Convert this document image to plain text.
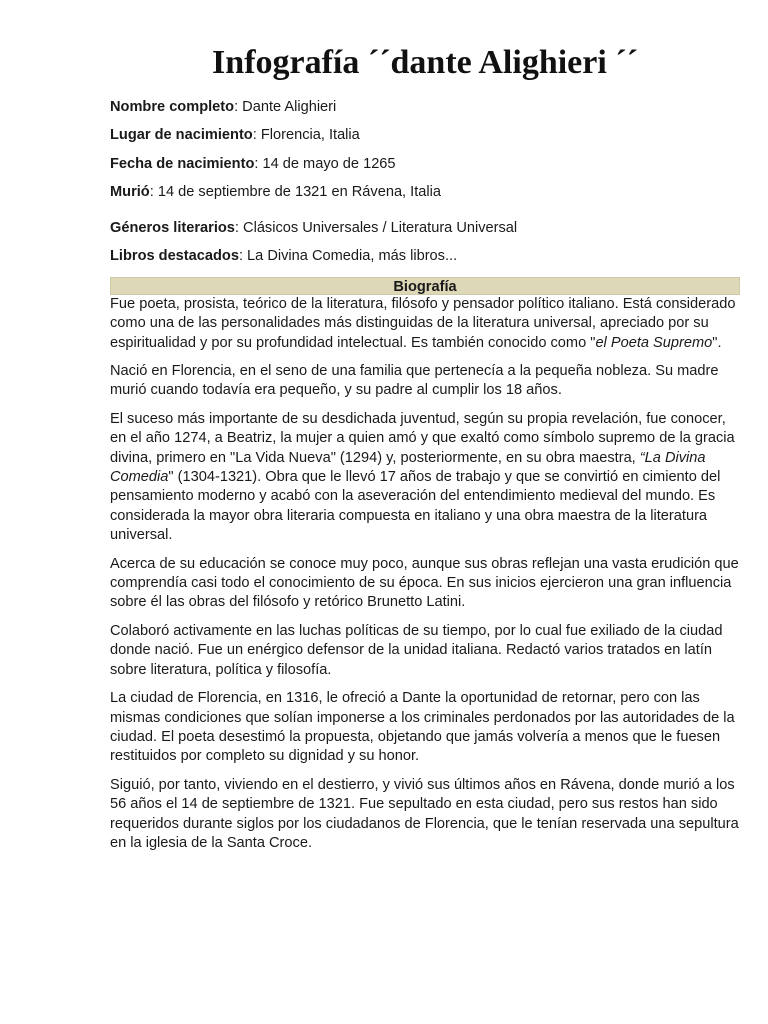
Infografía ´´dante Alighieri ´´
Nombre completo: Dante Alighieri
Lugar de nacimiento: Florencia, Italia
Fecha de nacimiento: 14 de mayo de 1265
Murió: 14 de septiembre de 1321 en Rávena, Italia
Géneros literarios: Clásicos Universales / Literatura Universal
Libros destacados: La Divina Comedia, más libros...
Biografía

Fue poeta, prosista, teórico de la literatura, filósofo y pensador político italiano. Está considerado como una de las personalidades más distinguidas de la literatura universal, apreciado por su espiritualidad y por su profundidad intelectual. Es también conocido como "el Poeta Supremo".

Nació en Florencia, en el seno de una familia que pertenecía a la pequeña nobleza. Su madre murió cuando todavía era pequeño, y su padre al cumplir los 18 años.

El suceso más importante de su desdichada juventud, según su propia revelación, fue conocer, en el año 1274, a Beatriz, la mujer a quien amó y que exaltó como símbolo supremo de la gracia divina, primero en "La Vida Nueva" (1294) y, posteriormente, en su obra maestra, “La Divina Comedia" (1304-1321). Obra que le llevó 17 años de trabajo y que se convirtió en cimiento del pensamiento moderno y acabó con la aseveración del entendimiento medieval del mundo. Es considerada la mayor obra literaria compuesta en italiano y una obra maestra de la literatura universal.

Acerca de su educación se conoce muy poco, aunque sus obras reflejan una vasta erudición que comprendía casi todo el conocimiento de su época. En sus inicios ejercieron una gran influencia sobre él las obras del filósofo y retórico Brunetto Latini.

Colaboró activamente en las luchas políticas de su tiempo, por lo cual fue exiliado de la ciudad donde nació. Fue un enérgico defensor de la unidad italiana. Redactó varios tratados en latín sobre literatura, política y filosofía.

La ciudad de Florencia, en 1316, le ofreció a Dante la oportunidad de retornar, pero con las mismas condiciones que solían imponerse a los criminales perdonados por las autoridades de la ciudad. El poeta desestimó la propuesta, objetando que jamás volvería a menos que le fuesen restituidos por completo su dignidad y su honor.

Siguió, por tanto, viviendo en el destierro, y vivió sus últimos años en Rávena, donde murió a los 56 años el 14 de septiembre de 1321. Fue sepultado en esta ciudad, pero sus restos han sido requeridos durante siglos por los ciudadanos de Florencia, que le tenían reservada una sepultura en la iglesia de la Santa Croce.
